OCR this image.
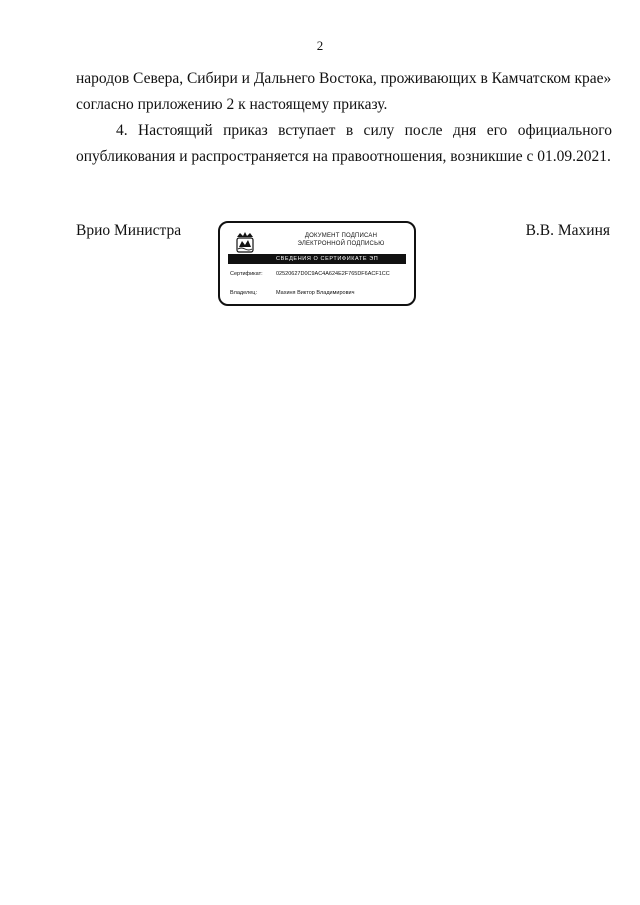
2

народов Севера, Сибири и Дальнего Востока, проживающих в Камчатском крае»
согласно приложению 2 к настоящему приказу.

4. Настоящий приказ вступает в силу после дня его официального
опубликования и распространяется на правоотношения, возникшие с 01.09.2021.

Врио Министра	В.В. Махиня
ДОКУМЕНТ ПОДПИСАН
ЭЛЕКТРОННОЙ ПОДПИСЬЮ
СВЕДЕНИЯ О СЕРТИФИКАТЕ ЭП
Сертификат: 02520627D0C9AC4A624E2F765DF6ACF1CC
Владелец:	Махиня Виктор Владимирович
